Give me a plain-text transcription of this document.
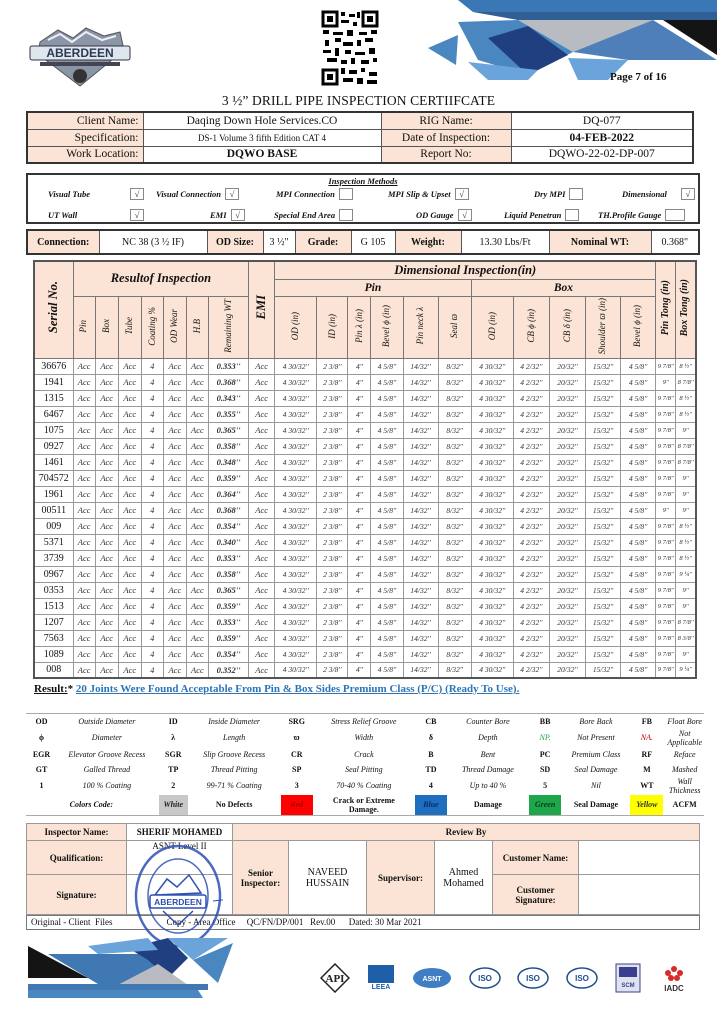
ABERDEEN
Page 7 of 16
3 ½” DRILL PIPE INSPECTION CERTIIFCATE
Client Name:	Daqing Down Hole Services.CO	RIG Name:	DQ-077
Specification:	DS-1 Volume 3 fifth Edition CAT 4	Date of Inspection:	04-FEB-2022
Work Location:	DQWO BASE	Report No:	DQWO-22-02-DP-007
Inspection Methods
Visual Tube	√	Visual Connection √	MPI Connection	MPI Slip & Upset √	Dry MPI	Dimensional	√
UT Wall	√	EMI √	Special End Area	OD Gauge √	Liquid Penetran	TH.Profile Gauge
Connection:	NC 38 (3 ½ IF)	OD Size:	3 ½"	Grade:	G 105	Weight:	13.30 Lbs/Ft	Nominal WT:	0.368"
Serial No.	Resultof Inspection							EMI	Dimensional Inspection(in)											Pin Tong (in)	Box Tong (in)
									Pin						Box						
	Pin	Box	Tube	Coating %	OD Wear	H.B	Remaining WT		OD (in)	ID (in)	Pin λ (in)	Bevel ϕ (in)	Pin neck λ	Seal ϖ	OD (in)	CB ϕ (in)	CB δ (in)	Shoulder ϖ (in)	Bevel ϕ (in)		
36676	Acc	Acc	Acc	4	Acc	Acc	0.353''	Acc	4 30/32''	2 3/8''	4''	4 5/8''	14/32''	8/32''	4 30/32''	4 2/32''	20/32''	15/32''	4 5/8''	9 7/8''	8 ½''
1941	Acc	Acc	Acc	4	Acc	Acc	0.368''	Acc	4 30/32''	2 3/8''	4''	4 5/8''	14/32''	8/32''	4 30/32''	4 2/32''	20/32''	15/32''	4 5/8''	9''	8 7/8''
1315	Acc	Acc	Acc	4	Acc	Acc	0.343''	Acc	4 30/32''	2 3/8''	4''	4 5/8''	14/32''	8/32''	4 30/32''	4 2/32''	20/32''	15/32''	4 5/8''	9 7/8''	8 ½''
6467	Acc	Acc	Acc	4	Acc	Acc	0.355''	Acc	4 30/32''	2 3/8''	4''	4 5/8''	14/32''	8/32''	4 30/32''	4 2/32''	20/32''	15/32''	4 5/8''	9 7/8''	8 ½''
1075	Acc	Acc	Acc	4	Acc	Acc	0.365''	Acc	4 30/32''	2 3/8''	4''	4 5/8''	14/32''	8/32''	4 30/32''	4 2/32''	20/32''	15/32''	4 5/8''	9 7/8''	9''
0927	Acc	Acc	Acc	4	Acc	Acc	0.358''	Acc	4 30/32''	2 3/8''	4''	4 5/8''	14/32''	8/32''	4 30/32''	4 2/32''	20/32''	15/32''	4 5/8''	9 7/8''	8 7/8''
1461	Acc	Acc	Acc	4	Acc	Acc	0.348''	Acc	4 30/32''	2 3/8''	4''	4 5/8''	14/32''	8/32''	4 30/32''	4 2/32''	20/32''	15/32''	4 5/8''	9 7/8''	8 7/8''
704572	Acc	Acc	Acc	4	Acc	Acc	0.359''	Acc	4 30/32''	2 3/8''	4''	4 5/8''	14/32''	8/32''	4 30/32''	4 2/32''	20/32''	15/32''	4 5/8''	9 7/8''	9''
1961	Acc	Acc	Acc	4	Acc	Acc	0.364''	Acc	4 30/32''	2 3/8''	4''	4 5/8''	14/32''	8/32''	4 30/32''	4 2/32''	20/32''	15/32''	4 5/8''	9 7/8''	9''
00511	Acc	Acc	Acc	4	Acc	Acc	0.368''	Acc	4 30/32''	2 3/8''	4''	4 5/8''	14/32''	8/32''	4 30/32''	4 2/32''	20/32''	15/32''	4 5/8''	9''	9''
009	Acc	Acc	Acc	4	Acc	Acc	0.354''	Acc	4 30/32''	2 3/8''	4''	4 5/8''	14/32''	8/32''	4 30/32''	4 2/32''	20/32''	15/32''	4 5/8''	9 7/8''	8 ½''
5371	Acc	Acc	Acc	4	Acc	Acc	0.340''	Acc	4 30/32''	2 3/8''	4''	4 5/8''	14/32''	8/32''	4 30/32''	4 2/32''	20/32''	15/32''	4 5/8''	9 7/8''	8 ½''
3739	Acc	Acc	Acc	4	Acc	Acc	0.353''	Acc	4 30/32''	2 3/8''	4''	4 5/8''	14/32''	8/32''	4 30/32''	4 2/32''	20/32''	15/32''	4 5/8''	9 7/8''	8 ½''
0967	Acc	Acc	Acc	4	Acc	Acc	0.358''	Acc	4 30/32''	2 3/8''	4''	4 5/8''	14/32''	8/32''	4 30/32''	4 2/32''	20/32''	15/32''	4 5/8''	9 7/8''	9 ¼''
0353	Acc	Acc	Acc	4	Acc	Acc	0.365''	Acc	4 30/32''	2 3/8''	4''	4 5/8''	14/32''	8/32''	4 30/32''	4 2/32''	20/32''	15/32''	4 5/8''	9 7/8''	9''
1513	Acc	Acc	Acc	4	Acc	Acc	0.359''	Acc	4 30/32''	2 3/8''	4''	4 5/8''	14/32''	8/32''	4 30/32''	4 2/32''	20/32''	15/32''	4 5/8''	9 7/8''	9''
1207	Acc	Acc	Acc	4	Acc	Acc	0.353''	Acc	4 30/32''	2 3/8''	4''	4 5/8''	14/32''	8/32''	4 30/32''	4 2/32''	20/32''	15/32''	4 5/8''	9 7/8''	8 7/8''
7563	Acc	Acc	Acc	4	Acc	Acc	0.359''	Acc	4 30/32''	2 3/8''	4''	4 5/8''	14/32''	8/32''	4 30/32''	4 2/32''	20/32''	15/32''	4 5/8''	9 7/8''	8 3/8''
1089	Acc	Acc	Acc	4	Acc	Acc	0.354''	Acc	4 30/32''	2 3/8''	4''	4 5/8''	14/32''	8/32''	4 30/32''	4 2/32''	20/32''	15/32''	4 5/8''	9 7/8''	9''
008	Acc	Acc	Acc	4	Acc	Acc	0.352''	Acc	4 30/32''	2 3/8''	4''	4 5/8''	14/32''	8/32''	4 30/32''	4 2/32''	20/32''	15/32''	4 5/8''	9 7/8''	9 ¼''
Result:* 20 Joints Were Found Acceptable From Pin & Box Sides Premium Class (P/C) (Ready To Use).
OD	Outside Diameter	ID	Inside Diameter	SRG	Stress Relief Groove	CB	Counter Bore	BB	Bore Back	FB	Float Bore
ϕ	Diameter	λ	Length	ϖ	Width	δ	Depth	NP.	Not Present	NA.	Not Applicable
EGR	Elevator Groove Recess	SGR	Slip Groove Recess	CR	Crack	B	Bent	PC	Premium Class	RF	Reface
GT	Galled Thread	TP	Thread Pitting	SP	Seal Pitting	TD	Thread Damage	SD	Seal Damage	M	Mashed
1	100 % Coating	2	99-71 % Coating	3	70-40 % Coating	4	Up to 40 %	5	Nil	WT	Wall Thickness
Colors Code:		White	No Defects	Red	Crack or Extreme Damage.	Blue	Damage	Green	Seal Damage	Yellow	ACFM
Inspector Name:	SHERIF MOHAMED	Review By					
Qualification:	ASNT Level II	Senior Inspector:	NAVEED HUSSAIN	Supervisor:	Ahmed Mohamed	Customer Name:	
Signature:						Customer Signature:	
Original - Client  Files                        Copy - Area Office     QC/FN/DP/001   Rev.00      Dated: 30 Mar 2021
ABERDEEN
API
LEEA
ASNT	ISO	ISO	ISO
SCM	IADC
